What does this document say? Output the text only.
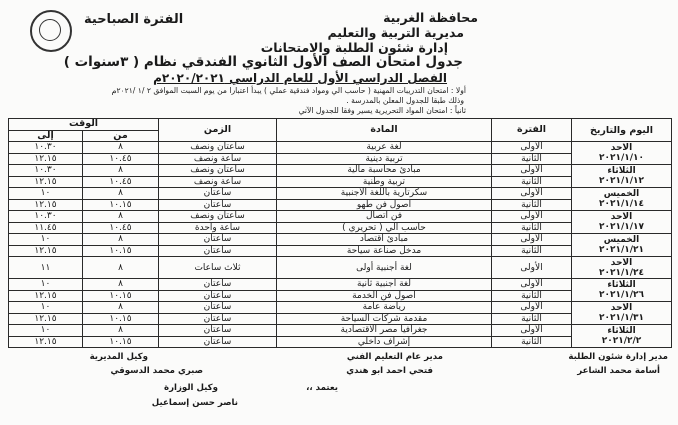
محافظة الغربية
مديرية التربية والتعليم
إدارة شئون الطلبة والامتحانات
الفترة الصباحية
جدول امتحان الصف الأول الثانوي الفندقي نظام ( ٣سنوات )
الفصل الدراسي الأول للعام الدراسي ٢٠٢٠/٢٠٢١م
أولا : امتحان التدريبات المهنية ( حاسب الي ومواد فندقية عملي ) يبدأ اعتبارا من يوم السبت الموافق ٢ /١ /٢٠٢١م
وذلك طبقا للجدول المعلن بالمدرسة .
ثانياً : امتحان المواد التحريرية يسير وفقا للجدول الآتي
اليوم والتاريخ	الفترة	المادة	الزمن	الوقت	
				من	إلى
الاحد
٢٠٢١/١/١٠	الأولى	لغة عربية	ساعتان ونصف	٨	١٠.٣٠
	الثانية	تربية دينية	ساعة ونصف	١٠.٤٥	١٢.١٥
الثلاثاء
٢٠٢١/١/١٢	الأولى	مبادئ محاسبة مالية	ساعتان ونصف	٨	١٠.٣٠
	الثانية	تربية وطنية	ساعة ونصف	١٠.٤٥	١٢.١٥
الخميس
٢٠٢١/١/١٤	الأولى	سكرتارية باللغة الأجنبية	ساعتان	٨	١٠
	الثانية	أصول فن طهو	ساعتان	١٠.١٥	١٢.١٥
الاحد
٢٠٢١/١/١٧	الأولى	فن اتصال	ساعتان ونصف	٨	١٠.٣٠
	الثانية	حاسب الي ( تحريري )	ساعة واحدة	١٠.٤٥	١١.٤٥
الخميس
٢٠٢١/١/٢١	الأولى	مبادئ اقتصاد	ساعتان	٨	١٠
	الثانية	مدخل صناعة سياحة	ساعتان	١٠.١٥	١٢.١٥
الاحد
٢٠٢١/١/٢٤	الأولى	لغة أجنبية أولى	ثلاث ساعات	٨	١١
الثلاثاء
٢٠٢١/١/٢٦	الأولى	لغة أجنبية ثانية	ساعتان	٨	١٠
	الثانية	أصول فن الخدمة	ساعتان	١٠.١٥	١٢.١٥
الاحد
٢٠٢١/١/٣١	الأولى	رياضة عامة	ساعتان	٨	١٠
	الثانية	مقدمة شركات السياحة	ساعتان	١٠.١٥	١٢.١٥
الثلاثاء
٢٠٢١/٢/٢	الأولى	جغرافيا مصر الاقتصادية	ساعتان	٨	١٠
	الثانية	إشراف داخلي	ساعتان	١٠.١٥	١٢.١٥
مدير إدارة شئون الطلبة
أسامة محمد الشاعر
مدير عام التعليم الفني
فتحي احمد ابو هندي
يعتمد ،،
وكيل المديرية
صبري محمد الدسوقي
وكيل الوزارة
ناصر حسن إسماعيل
